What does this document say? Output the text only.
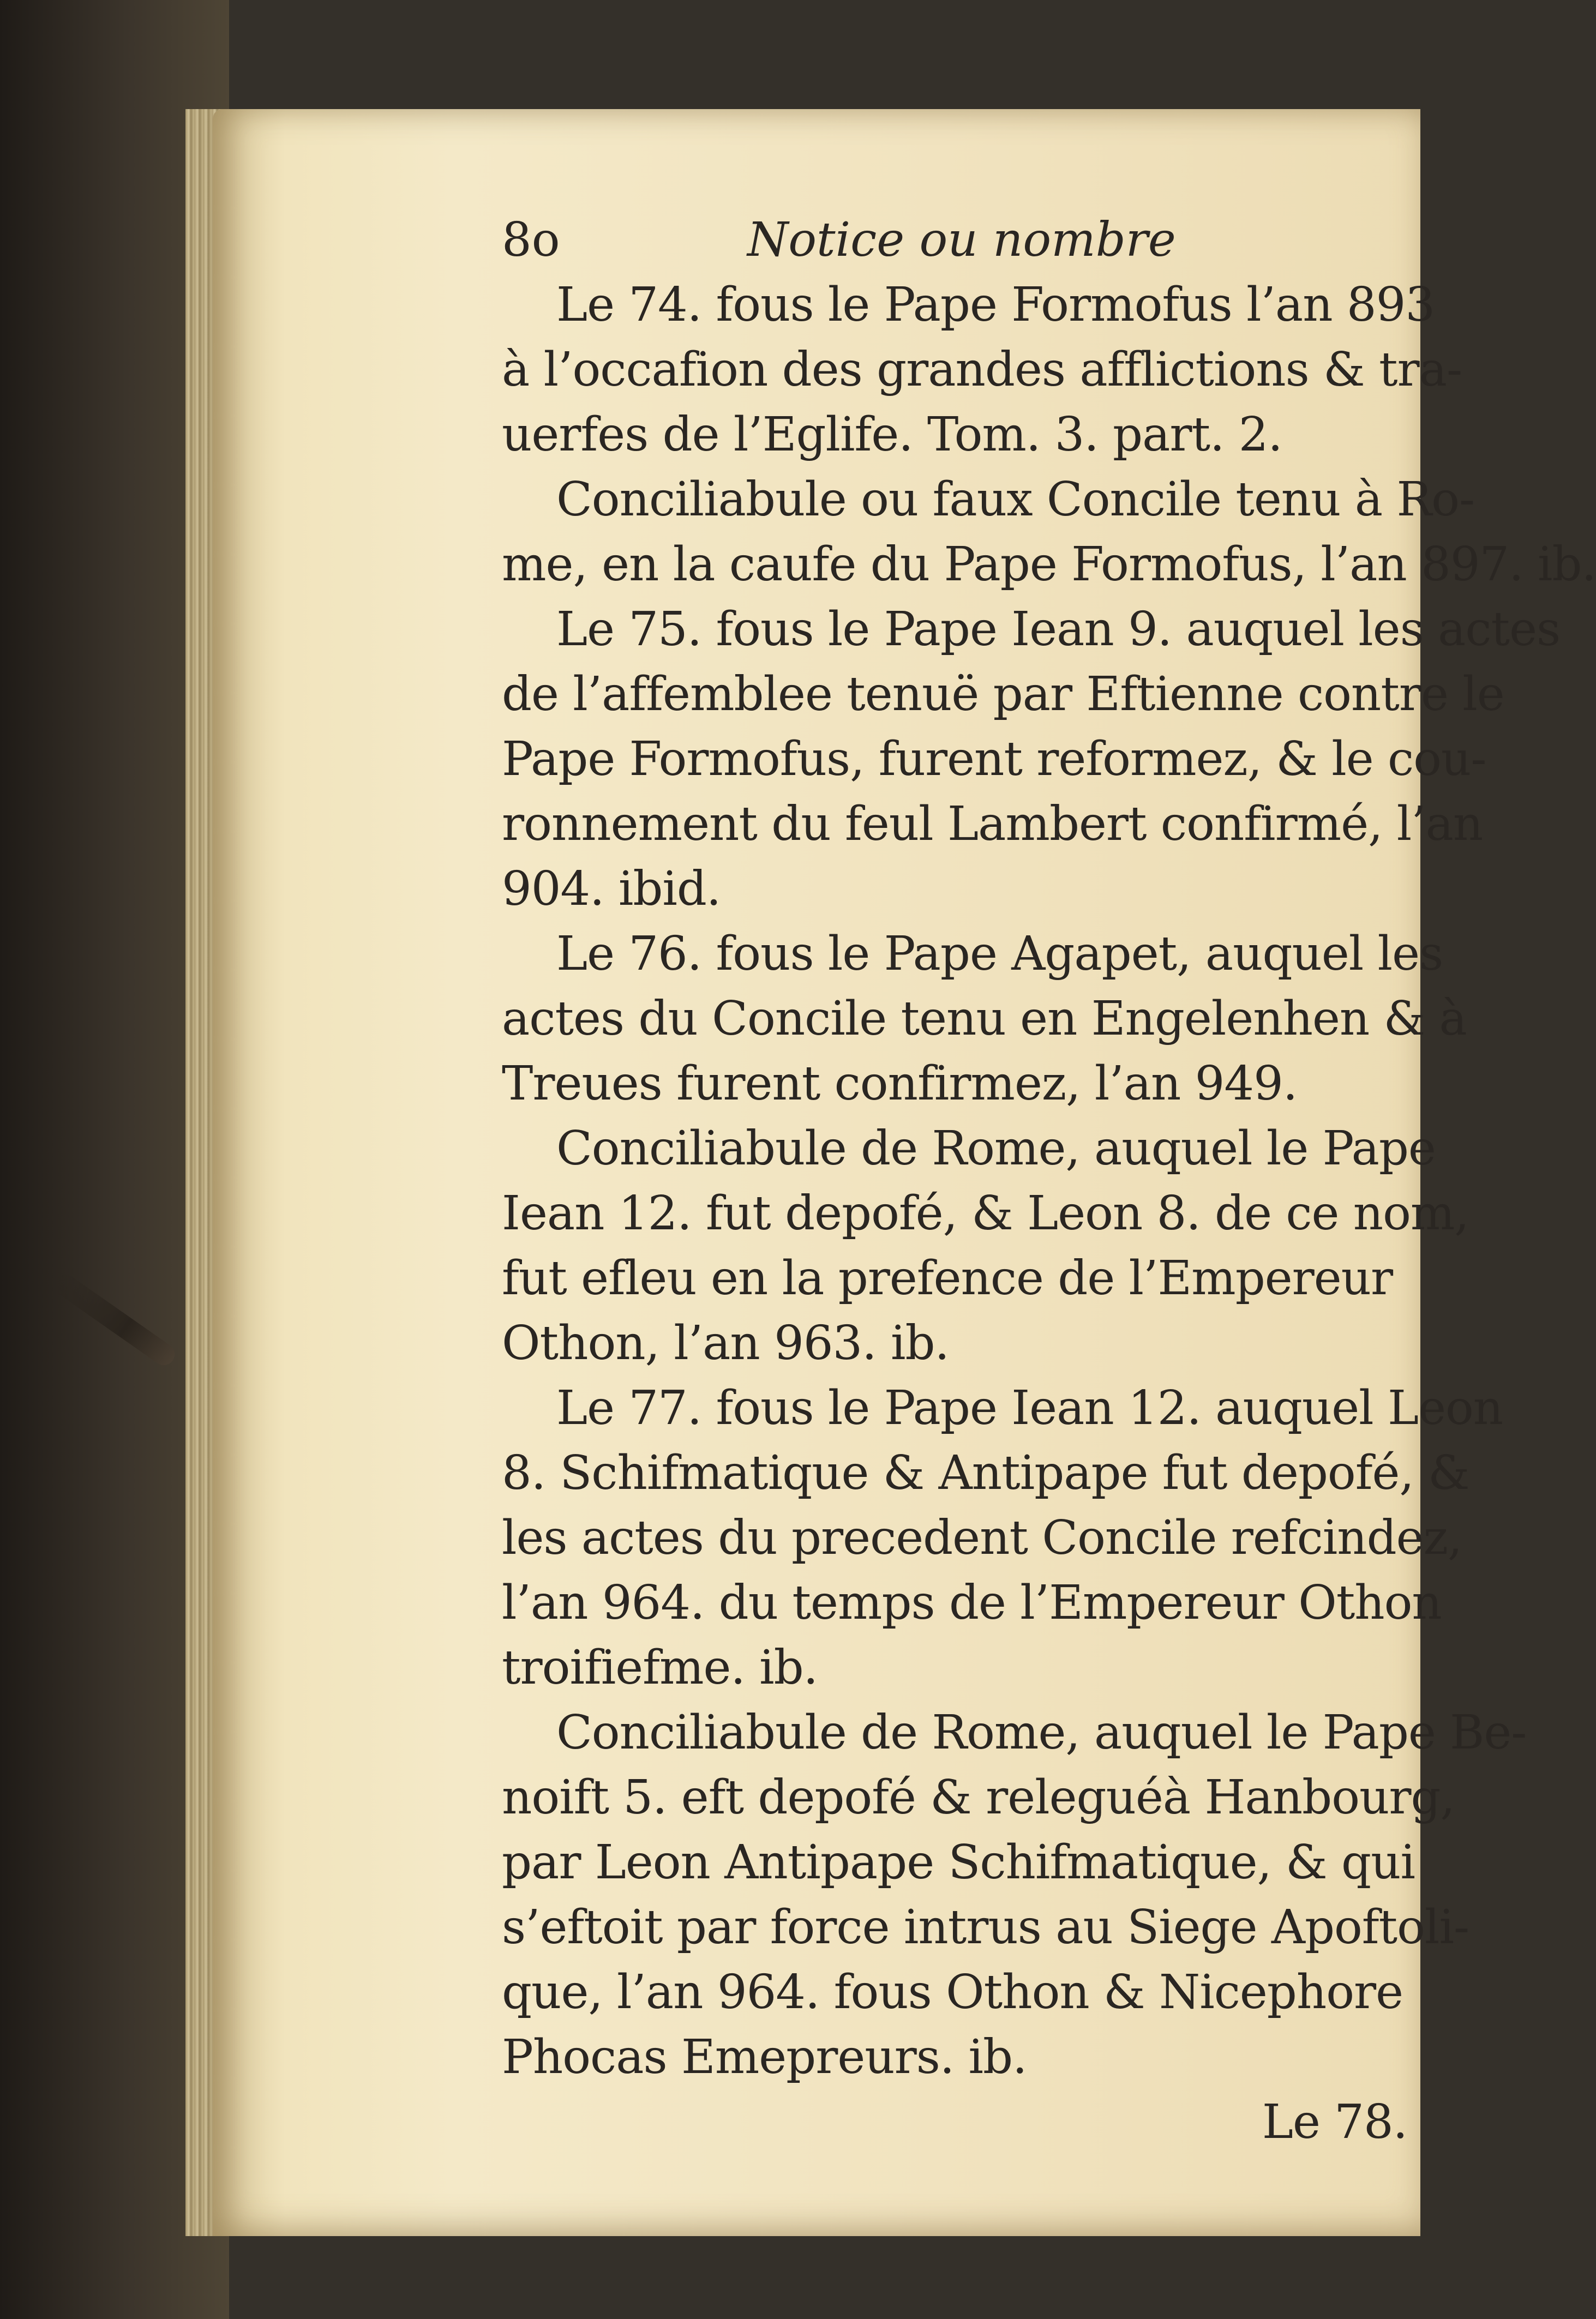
8o	Notice ou nombre
Le 74. fous le Pape Formofus l’an 893
à l’occafion des grandes afflictions & tra-
uerfes de l’Eglife. Tom. 3. part. 2.
Conciliabule ou faux Concile tenu à Ro-
me, en la caufe du Pape Formofus, l’an 897. ib.
Le 75. fous le Pape Iean 9. auquel les actes
de l’affemblee tenuë par Eftienne contre le
Pape Formofus, furent reformez, & le cou-
ronnement du feul Lambert confirmé, l’an
904. ibid.
Le 76. fous le Pape Agapet, auquel les
actes du Concile tenu en Engelenhen & à
Treues furent confirmez, l’an 949.
Conciliabule de Rome, auquel le Pape
Iean 12. fut depofé, & Leon 8. de ce nom,
fut efleu en la prefence de l’Empereur
Othon, l’an 963. ib.
Le 77. fous le Pape Iean 12. auquel Leon
8. Schifmatique & Antipape fut depofé, &
les actes du precedent Concile refcindez,
l’an 964. du temps de l’Empereur Othon
troifiefme. ib.
Conciliabule de Rome, auquel le Pape Be-
noift 5. eft depofé & releguéà Hanbourg,
par Leon Antipape Schifmatique, & qui
s’eftoit par force intrus au Siege Apoftoli-
que, l’an 964. fous Othon & Nicephore
Phocas Emepreurs. ib.
Le 78.
